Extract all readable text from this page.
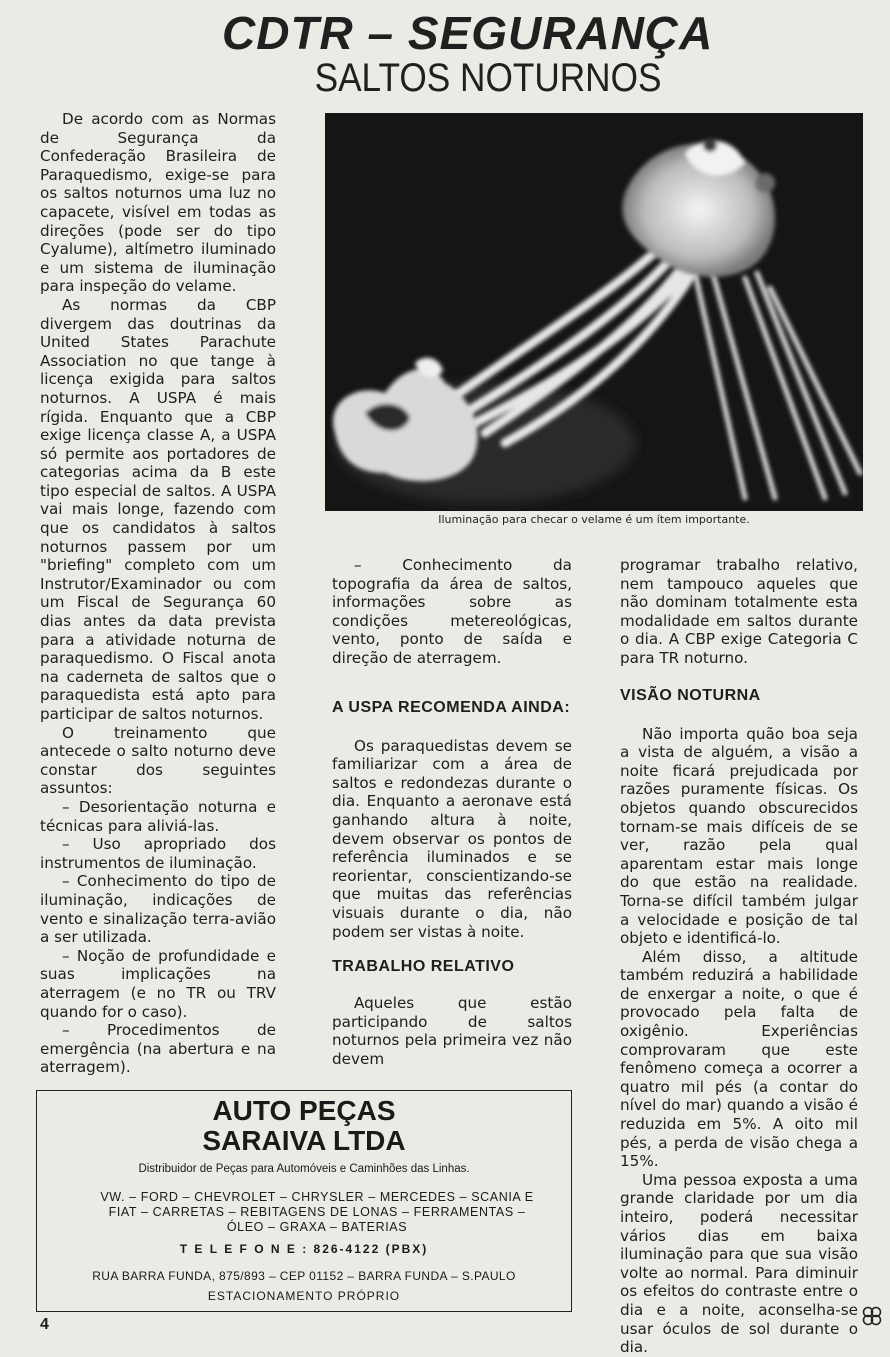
CDTR – SEGURANÇA
SALTOS NOTURNOS

De acordo com as Normas de Segurança da Confederação Brasileira de Paraquedismo, exige-se para os saltos noturnos uma luz no capacete, visível em todas as direções (pode ser do tipo Cyalume), altímetro iluminado e um sistema de iluminação para inspeção do velame.

As normas da CBP divergem das doutrinas da United States Parachute Association no que tange à licença exigida para saltos noturnos. A USPA é mais rígida. Enquanto que a CBP exige licença classe A, a USPA só permite aos portadores de categorias acima da B este tipo especial de saltos. A USPA vai mais longe, fazendo com que os candidatos à saltos noturnos passem por um "briefing" completo com um Instrutor/Examinador ou com um Fiscal de Segurança 60 dias antes da data prevista para a atividade noturna de paraquedismo. O Fiscal anota na caderneta de saltos que o paraquedista está apto para participar de saltos noturnos.

O treinamento que antecede o salto noturno deve constar dos seguintes assuntos:

– Desorientação noturna e técnicas para aliviá-las.

– Uso apropriado dos instrumentos de iluminação.

– Conhecimento do tipo de iluminação, indicações de vento e sinalização terra-avião a ser utilizada.

– Noção de profundidade e suas implicações na aterragem (e no TR ou TRV quando for o caso).

– Procedimentos de emergência (na abertura e na aterragem).

Iluminação para checar o velame é um ítem importante.

– Conhecimento da topografia da área de saltos, informações sobre as condições metereológicas, vento, ponto de saída e direção de aterragem.

A USPA RECOMENDA AINDA:

Os paraquedistas devem se familiarizar com a área de saltos e redondezas durante o dia. Enquanto a aeronave está ganhando altura à noite, devem observar os pontos de referência iluminados e se reorientar, conscientizando-se que muitas das referências visuais durante o dia, não podem ser vistas à noite.

TRABALHO RELATIVO

Aqueles que estão participando de saltos noturnos pela primeira vez não devem

programar trabalho relativo, nem tampouco aqueles que não dominam totalmente esta modalidade em saltos durante o dia. A CBP exige Categoria C para TR noturno.

VISÃO NOTURNA

Não importa quão boa seja a vista de alguém, a visão a noite ficará prejudicada por razões puramente físicas. Os objetos quando obscurecidos tornam-se mais difíceis de se ver, razão pela qual aparentam estar mais longe do que estão na realidade. Torna-se difícil também julgar a velocidade e posição de tal objeto e identificá-lo.

Além disso, a altitude também reduzirá a habilidade de enxergar a noite, o que é provocado pela falta de oxigênio. Experiências comprovaram que este fenômeno começa a ocorrer a quatro mil pés (a contar do nível do mar) quando a visão é reduzida em 5%. A oito mil pés, a perda de visão chega a 15%.

Uma pessoa exposta a uma grande claridade por um dia inteiro, poderá necessitar vários dias em baixa iluminação para que sua visão volte ao normal. Para diminuir os efeitos do contraste entre o dia e a noite, aconselha-se usar óculos de sol durante o dia.

AUTO PEÇAS
SARAIVA LTDA
Distribuidor de Peças para Automóveis e Caminhões das Linhas.
VW. – FORD – CHEVROLET – CHRYSLER – MERCEDES – SCANIA E
FIAT – CARRETAS – REBITAGENS DE LONAS – FERRAMENTAS –
ÓLEO – GRAXA – BATERIAS
T E L E F O N E : 826-4122 (PBX)
RUA BARRA FUNDA, 875/893 – CEP 01152 – BARRA FUNDA – S.PAULO
ESTACIONAMENTO PRÓPRIO
4
